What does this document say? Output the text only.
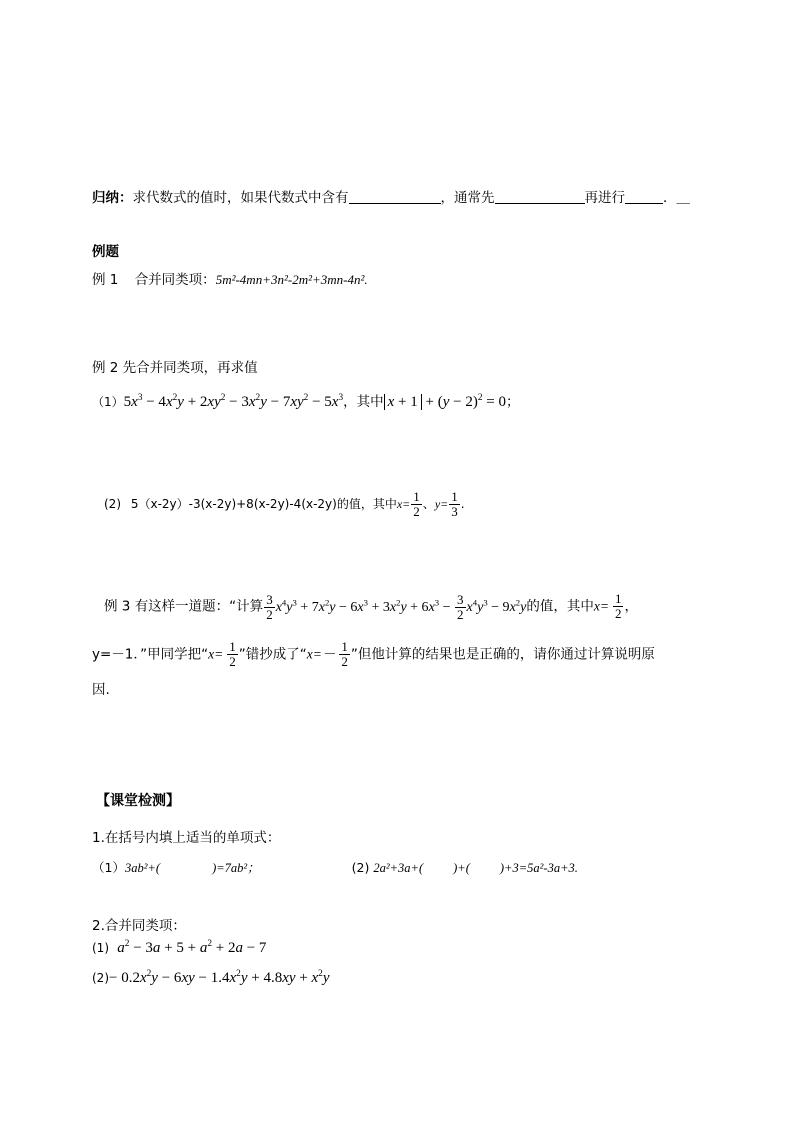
归纳：求代数式的值时，如果代数式中含有	，通常先	再进行	．＿
例题
例 1 合并同类项：5m²-4mn+3n²-2m²+3mn-4n².
例 2 先合并同类项，再求值
$(1)5x^3 - 4x^2y + 2xy^2 - 3x^2y - 7xy^2 - 5x^3$，其中 $x + 1 + (y - 2)^2 = 0$；
(2) 5（x-2y）-3(x-2y)+8(x-2y)-4(x-2y)的值，其中$x= \frac{1}{2}$ 、$y= \frac{1}{3}$ .
例 3 有这样一道题：“计算 $\frac{3}{2} x^4y^3 + 7x^2y - 6x^3 + 3x^2y + 6x^3 - \frac{3}{2} x^4y^3 - 9x^2y$的值，其中$x= \frac{1}{2}$ ，
y=－1．”甲同学把“$x= \frac{1}{2}$ ”错抄成了“$x=- \frac{1}{2}$ ”但他计算的结果也是正确的，请你通过计算说明原
因.
【课堂检测】
1.在括号内填上适当的单项式：
（1）3ab²+(	)=7ab²；	(2) 2a²+3a+( )+( )+3=5a²-3a+3.
2.合并同类项：
(1) $a^2 - 3a + 5 + a^2 + 2a - 7$
$(2)- 0.2x^2y - 6xy - 1.4x^2y + 4.8xy + x^2y$
